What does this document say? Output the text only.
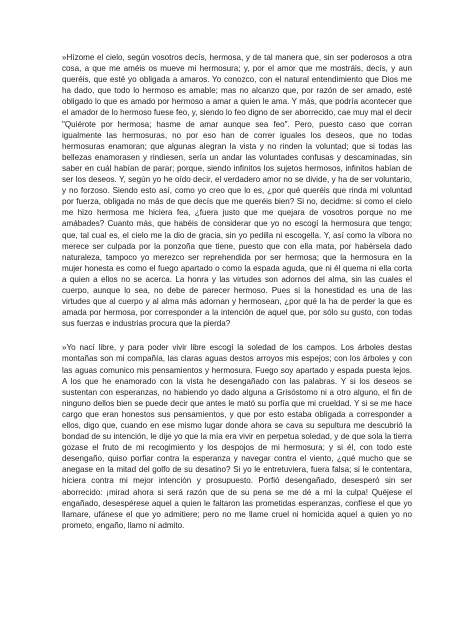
»Hízome el cielo, según vosotros decís, hermosa, y de tal manera que, sin ser poderosos a otra cosa, a que me améis os mueve mi hermosura; y, por el amor que me mostráis, decís, y aun queréis, que esté yo obligada a amaros. Yo conozco, con el natural entendimiento que Dios me ha dado, que todo lo hermoso es amable; mas no alcanzo que, por razón de ser amado, esté obligado lo que es amado por hermoso a amar a quien le ama. Y más, que podría acontecer que el amador de lo hermoso fuese feo, y, siendo lo feo digno de ser aborrecido, cae muy mal el decir "Quiérote por hermosa; hasme de amar aunque sea feo". Pero, puesto caso que corran igualmente las hermosuras, no por eso han de correr iguales los deseos, que no todas hermosuras enamoran; que algunas alegran la vista y no rinden la voluntad; que si todas las bellezas enamorasen y rindiesen, sería un andar las voluntades confusas y descaminadas, sin saber en cuál habían de parar; porque, siendo infinitos los sujetos hermosos, infinitos habían de ser los deseos. Y, según yo he oído decir, el verdadero amor no se divide, y ha de ser voluntario, y no forzoso. Siendo esto así, como yo creo que lo es, ¿por qué queréis que rinda mi voluntad por fuerza, obligada no más de que decís que me queréis bien? Si no, decidme: si como el cielo me hizo hermosa me hiciera fea, ¿fuera justo que me quejara de vosotros porque no me amábades? Cuanto más, que habéis de considerar que yo no escogí la hermosura que tengo; que, tal cual es, el cielo me la dio de gracia, sin yo pedilla ni escogella. Y, así como la víbora no merece ser culpada por la ponzoña que tiene, puesto que con ella mata, por habérsela dado naturaleza, tampoco yo merezco ser reprehendida por ser hermosa; que la hermosura en la mujer honesta es como el fuego apartado o como la espada aguda, que ni él quema ni ella corta a quien a ellos no se acerca. La honra y las virtudes son adornos del alma, sin las cuales el cuerpo, aunque lo sea, no debe de parecer hermoso. Pues si la honestidad es una de las virtudes que al cuerpo y al alma más adornan y hermosean, ¿por qué la ha de perder la que es amada por hermosa, por corresponder a la intención de aquel que, por sólo su gusto, con todas sus fuerzas e industrias procura que la pierda?

»Yo nací libre, y para poder vivir libre escogí la soledad de los campos. Los árboles destas montañas son mi compañía, las claras aguas destos arroyos mis espejos; con los árboles y con las aguas comunico mis pensamientos y hermosura. Fuego soy apartado y espada puesta lejos. A los que he enamorado con la vista he desengañado con las palabras. Y si los deseos se sustentan con esperanzas, no habiendo yo dado alguna a Grisóstomo ni a otro alguno, el fin de ninguno dellos bien se puede decir que antes le mató su porfía que mi crueldad. Y si se me hace cargo que eran honestos sus pensamientos, y que por esto estaba obligada a corresponder a ellos, digo que, cuando en ese mismo lugar donde ahora se cava su sepultura me descubrió la bondad de su intención, le dije yo que la mía era vivir en perpetua soledad, y de que sola la tierra gozase el fruto de mi recogimiento y los despojos de mi hermosura; y si él, con todo este desengaño, quiso porfiar contra la esperanza y navegar contra el viento, ¿qué mucho que se anegase en la mitad del golfo de su desatino? Si yo le entretuviera, fuera falsa; si le contentara, hiciera contra mi mejor intención y prosupuesto. Porfió desengañado, desesperó sin ser aborrecido: ¡mirad ahora si será razón que de su pena se me dé a mí la culpa! Quéjese el engañado, desespérese aquel a quien le faltaron las prometidas esperanzas, confíese el que yo llamare, ufánese el que yo admitiere; pero no me llame cruel ni homicida aquel a quien yo no prometo, engaño, llamo ni admito.
